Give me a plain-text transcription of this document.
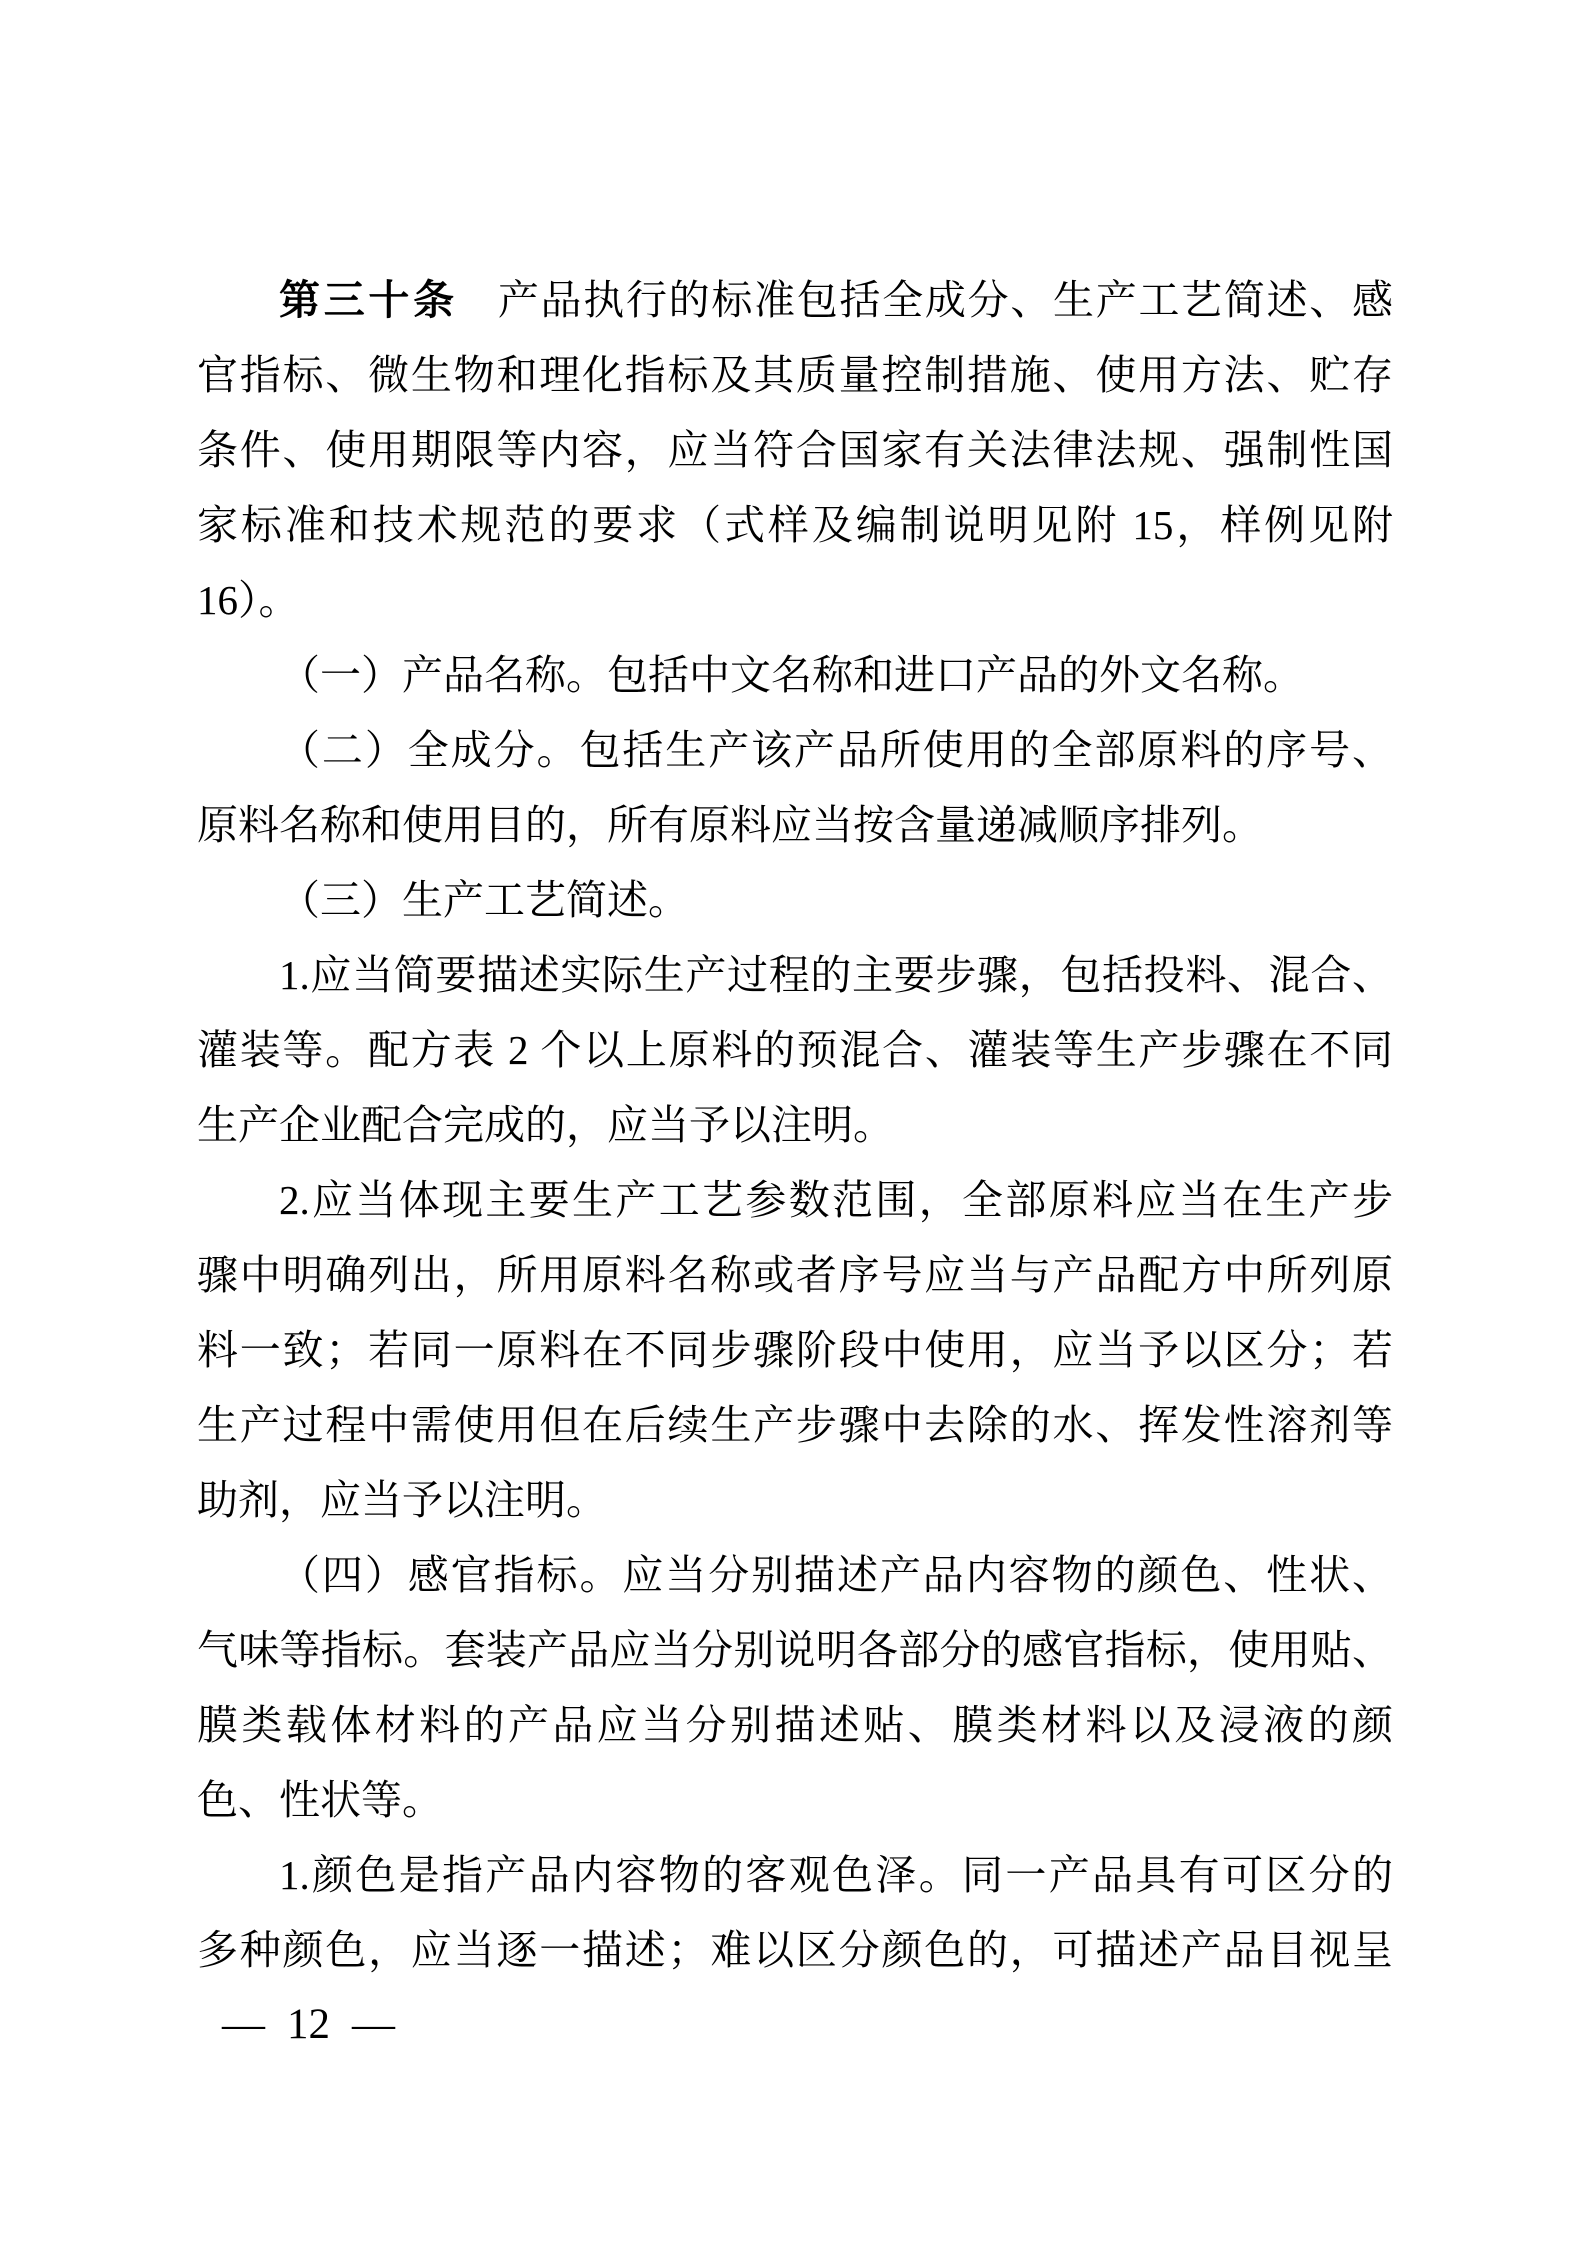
第三十条 产品执行的标准包括全成分、生产工艺简述、感
官指标、微生物和理化指标及其质量控制措施、使用方法、贮存
条件、使用期限等内容，应当符合国家有关法律法规、强制性国
家标准和技术规范的要求（式样及编制说明见附 15，样例见附
16）。
（一）产品名称。包括中文名称和进口产品的外文名称。
（二）全成分。包括生产该产品所使用的全部原料的序号、
原料名称和使用目的，所有原料应当按含量递减顺序排列。
（三）生产工艺简述。
1.应当简要描述实际生产过程的主要步骤，包括投料、混合、
灌装等。配方表 2 个以上原料的预混合、灌装等生产步骤在不同
生产企业配合完成的，应当予以注明。
2.应当体现主要生产工艺参数范围，全部原料应当在生产步
骤中明确列出，所用原料名称或者序号应当与产品配方中所列原
料一致；若同一原料在不同步骤阶段中使用，应当予以区分；若
生产过程中需使用但在后续生产步骤中去除的水、挥发性溶剂等
助剂，应当予以注明。
（四）感官指标。应当分别描述产品内容物的颜色、性状、
气味等指标。套装产品应当分别说明各部分的感官指标，使用贴、
膜类载体材料的产品应当分别描述贴、膜类材料以及浸液的颜
色、性状等。
1.颜色是指产品内容物的客观色泽。同一产品具有可区分的
多种颜色，应当逐一描述；难以区分颜色的，可描述产品目视呈
— 12 —
